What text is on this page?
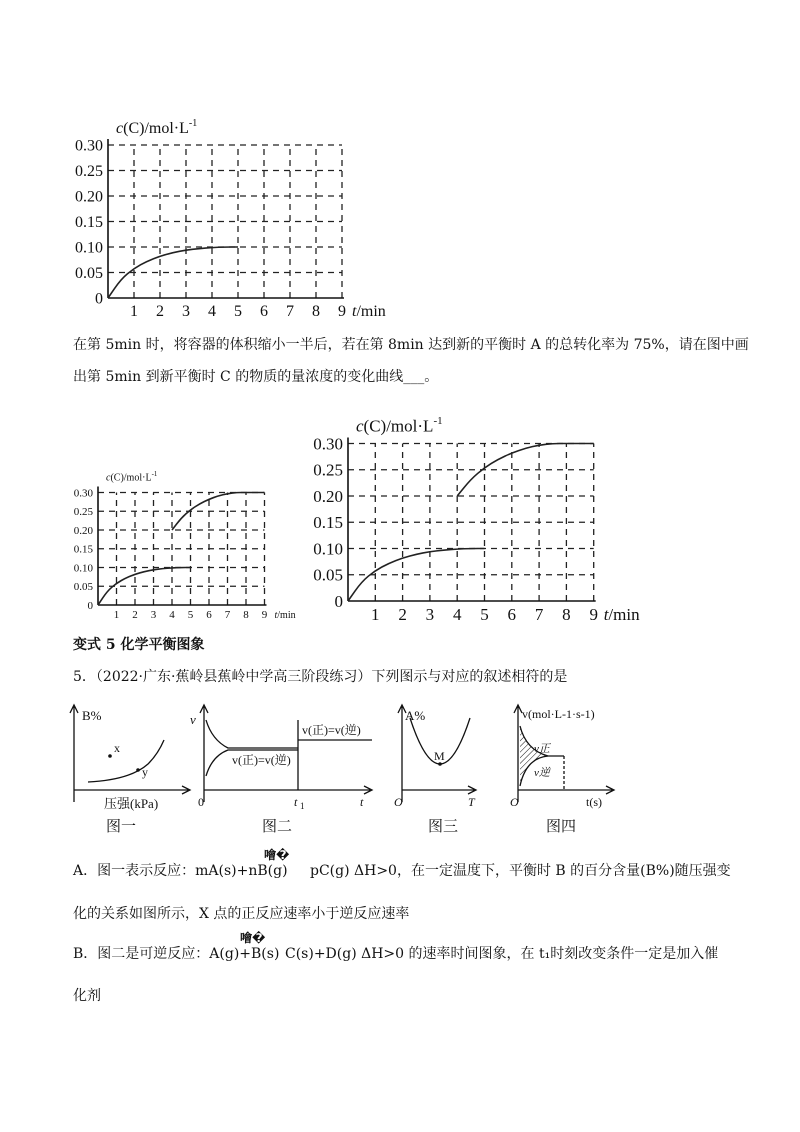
0.30
0.25
0.20
0.15
0.10
0.05
0
1 2 3 4 5 6 7 8 9
$c(C)/mol\cdot L^{-1}$
t/min
在第 5min 时，将容器的体积缩小一半后，若在第 8min 达到新的平衡时 A 的总转化率为 75%，请在图中画
出第 5min 到新平衡时 C 的物质的量浓度的变化曲线___。
0.30
0.25
0.20
0.15
0.10
0.05
0
1 2 3 4 5 6 7 8 9
$c(C)/mol\cdot L^{-1}$
t/min
0.30
0.25
0.20
0.15
0.10
0.05
0
1 2 3 4 5 6 7 8 9
$c(C)/mol\cdot L^{-1}$
t/min
变式 5 化学平衡图象
5．（2022·广东·蕉岭县蕉岭中学高三阶段练习）下列图示与对应的叙述相符的是
B%
x
y
压强(kPa)
图一
v
v(正)=v(逆)
v(正)=v(逆)
0	t 1	t
图二
A%
M
O	T
图三
v(mol·L-1·s-1)
v正
v逆
O	t(s)
图四
A．图一表示反应：mA(s)+nB(g)
噲�
pC(g) ΔH>0，在一定温度下，平衡时 B 的百分含量(B%)随压强变
化的关系如图所示，X 点的正反应速率小于逆反应速率
B．图二是可逆反应：A(g)+B(s)
噲�
C(s)+D(g) ΔH>0 的速率时间图象，在 t₁时刻改变条件一定是加入催
化剂
